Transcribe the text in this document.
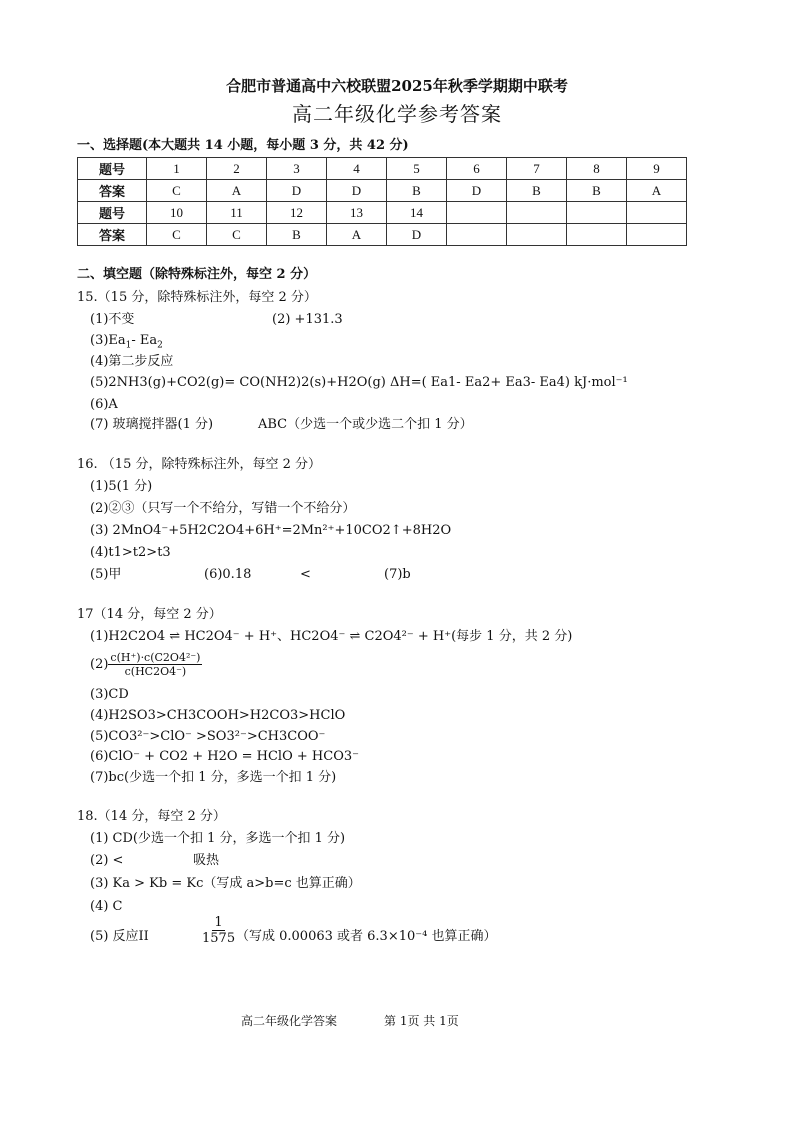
合肥市普通高中六校联盟2025年秋季学期期中联考
高二年级化学参考答案
一、选择题(本大题共 14 小题，每小题 3 分，共 42 分)
题号	1	2	3	4	5	6	7	8	9
答案	C	A	D	D	B	D	B	B	A
题号	10	11	12	13	14				
答案	C	C	B	A	D				
二、填空题（除特殊标注外，每空 2 分）
15.（15 分，除特殊标注外，每空 2 分）
(1)不变	(2) +131.3
$(3)Ea_1-$ $Ea_2$
(4)第二步反应
(5)2NH3(g)+CO2(g)= CO(NH2)2(s)+H2O(g) ΔH=( Ea1- Ea2+ Ea3- Ea4) kJ·mol⁻¹
(6)A
(7) 玻璃搅拌器(1 分)	ABC（少选一个或少选二个扣 1 分）
16. （15 分，除特殊标注外，每空 2 分）
(1)5(1 分)
(2)②③（只写一个不给分，写错一个不给分）
(3) 2MnO4⁻+5H2C2O4+6H⁺=2Mn²⁺+10CO2↑+8H2O
(4)t1>t2>t3
(5)甲	(6)0.18	<	(7)b
17（14 分，每空 2 分）
(1)H2C2O4 ⇌ HC2O4⁻ + H⁺、HC2O4⁻ ⇌ C2O4²⁻ + H⁺(每步 1 分，共 2 分)
$(2) \frac{\text{c(H⁺)·c(C2O4²⁻)}}{c(HC2O4^-)}$
(3)CD
(4)H2SO3>CH3COOH>H2CO3>HClO
(5)CO3²⁻>ClO⁻ >SO3²⁻>CH3COO⁻
(6)ClO⁻ + CO2 + H2O = HClO + HCO3⁻
(7)bc(少选一个扣 1 分，多选一个扣 1 分)
18.（14 分，每空 2 分）
(1) CD(少选一个扣 1 分，多选一个扣 1 分)
(2) <	吸热
(3) Ka > Kb = Kc（写成 a>b=c 也算正确）
(4) C
(5) 反应II	$\frac{1}{1575}$
（写成 0.00063 或者 6.3×10⁻⁴ 也算正确）
高二年级化学答案	第 1页 共 1页
